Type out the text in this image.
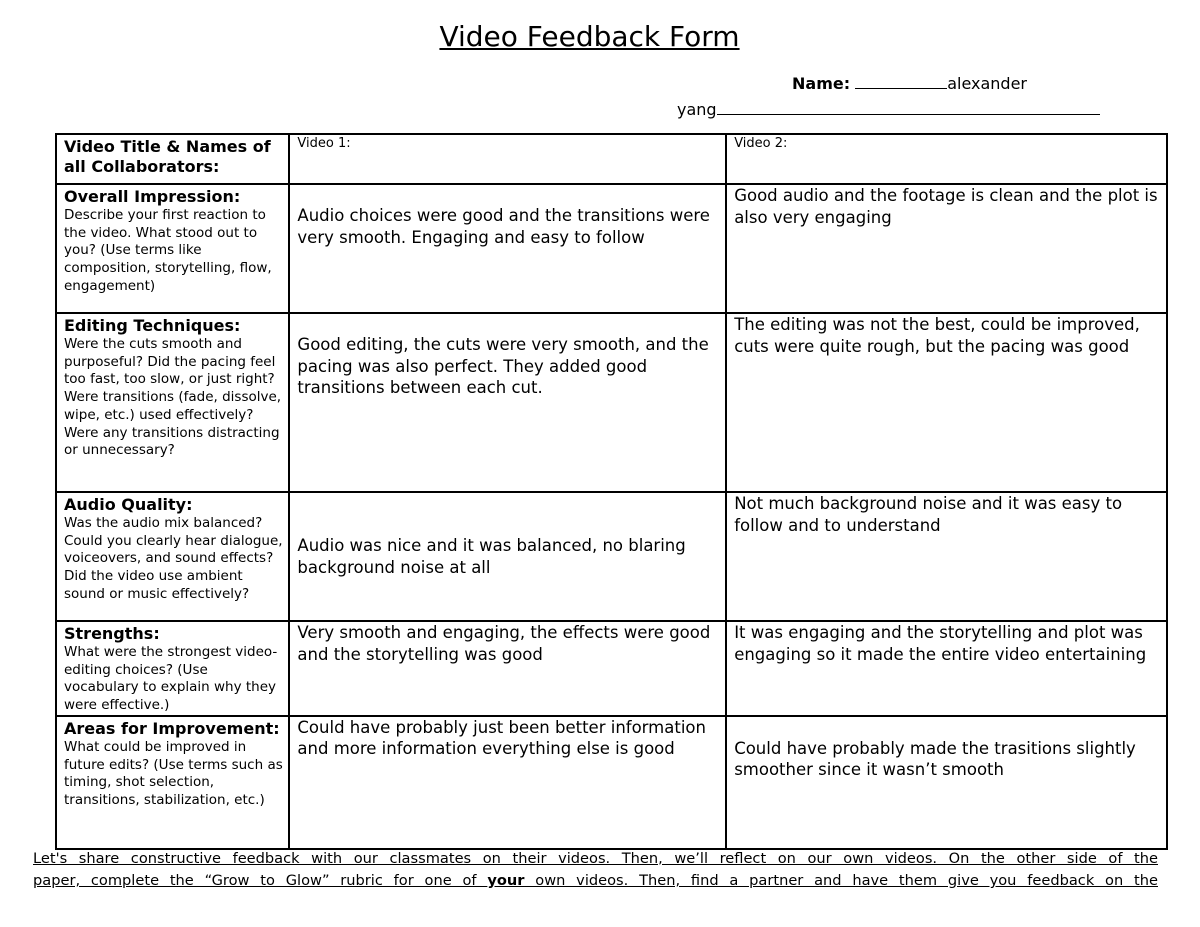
Video Feedback Form
Name:	alexander
yang
Video Title & Names of all Collaborators:	Video 1:	Video 2:

Overall Impression:
Describe your first reaction to the video. What stood out to you? (Use terms like composition, storytelling, flow, engagement)	Audio choices were good and the transitions were very smooth. Engaging and easy to follow	Good audio and the footage is clean and the plot is also very engaging

Editing Techniques:
Were the cuts smooth and purposeful? Did the pacing feel too fast, too slow, or just right? Were transitions (fade, dissolve, wipe, etc.) used effectively? Were any transitions distracting or unnecessary?	Good editing, the cuts were very smooth, and the pacing was also perfect. They added good transitions between each cut.	The editing was not the best, could be improved, cuts were quite rough, but the pacing was good

Audio Quality:
Was the audio mix balanced? Could you clearly hear dialogue, voiceovers, and sound effects? Did the video use ambient sound or music effectively?	Audio was nice and it was balanced, no blaring background noise at all	Not much background noise and it was easy to follow and to understand

Strengths:
What were the strongest video-editing choices? (Use vocabulary to explain why they were effective.)	Very smooth and engaging, the effects were good and the storytelling was good	It was engaging and the storytelling and plot was engaging so it made the entire video entertaining

Areas for Improvement:
What could be improved in future edits? (Use terms such as timing, shot selection, transitions, stabilization, etc.)	Could have probably just been better information and more information everything else is good	Could have probably made the trasitions slightly smoother since it wasn’t smooth
Let's share constructive feedback with our classmates on their videos. Then, we’ll reflect on our own videos. On the other side of the
paper, complete the “Grow to Glow” rubric for one of your own videos. Then, find a partner and have them give you feedback on the
